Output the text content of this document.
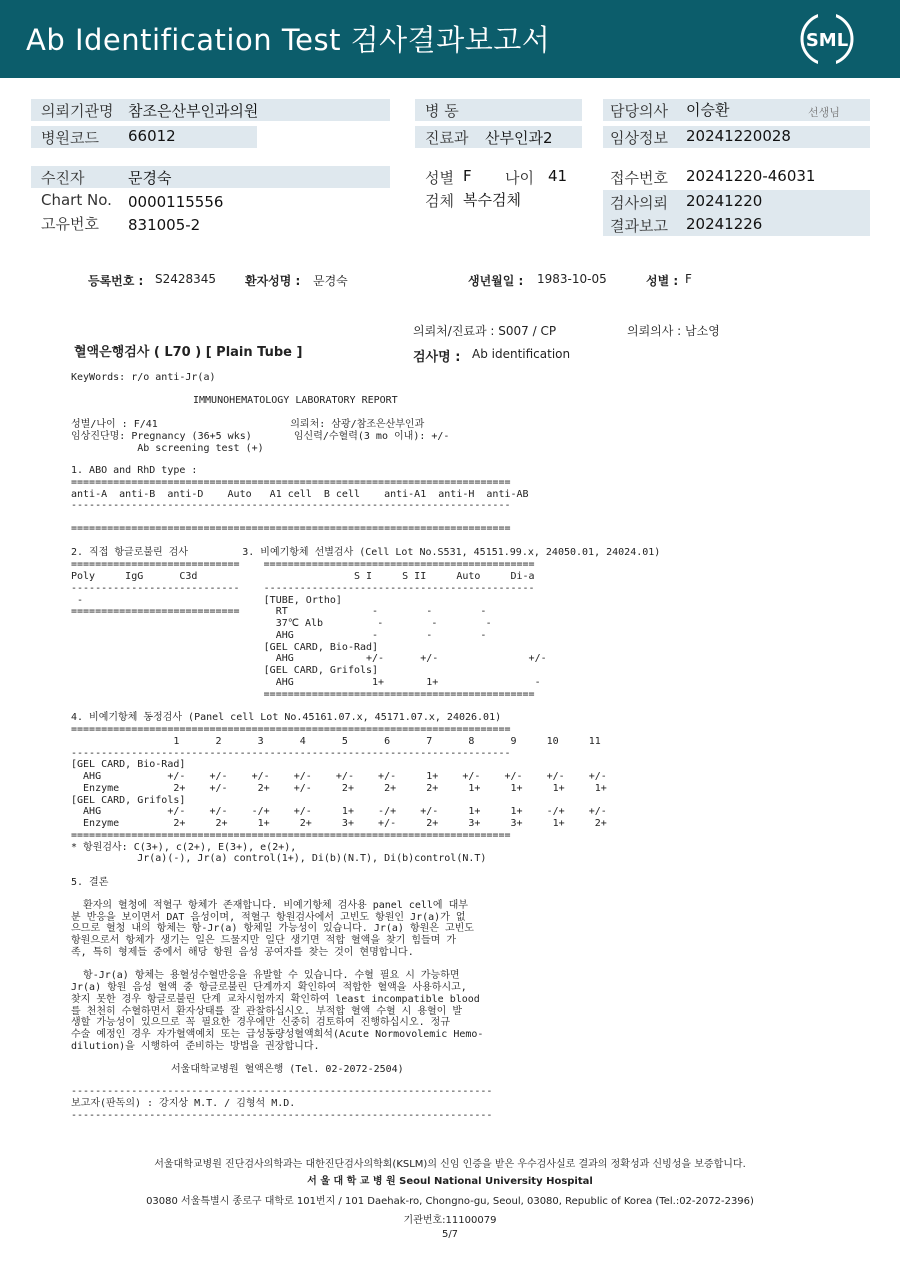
Ab Identification Test 검사결과보고서	SML
의뢰기관명 참조은산부인과의원
병원코드 66012
병 동
진료과 산부인과2
담당의사 이승환	선생님
임상정보 20241220028
수진자	문경숙
Chart No. 0000115556
고유번호 831005-2
성별 F 나이 41
검체 복수검체
접수번호 20241220-46031
검사의뢰 20241220
결과보고 20241226
등록번호 : S2428345 환자성명 : 문경숙	생년월일 : 1983-10-05	성별 : F
의뢰처/진료과 : S007 / CP	의뢰의사 : 남소영
혈액은행검사 ( L70 ) [ Plain Tube ]	검사명 : Ab identification
KeyWords: r/o anti-Jr(a)
IMMUNOHEMATOLOGY LABORATORY REPORT
성별/나이 : F/41                      의뢰처: 삼광/참조은산부인과
임상진단명: Pregnancy (36+5 wks)       임신력/수혈력(3 mo 이내): +/-
Ab screening test (+)
1. ABO and RhD type :
=========================================================================
anti-A  anti-B  anti-D    Auto   A1 cell  B cell    anti-A1  anti-H  anti-AB
-------------------------------------------------------------------------
=========================================================================
2. 직접 항글로불린 검사         3. 비예기항체 선별검사 (Cell Lot No.S531, 45151.99.x, 24050.01, 24024.01)
============================    =============================================
Poly     IgG      C3d                          S I     S II     Auto     Di-a
----------------------------    ---------------------------------------------
-                              [TUBE, Ortho]
============================      RT              -        -        -
37℃ Alb         -        -        -
AHG             -        -        -
[GEL CARD, Bio-Rad]
AHG            +/-      +/-               +/-
[GEL CARD, Grifols]
AHG             1+       1+                -
=============================================
4. 비예기항체 동정검사 (Panel cell Lot No.45161.07.x, 45171.07.x, 24026.01)
=========================================================================
1      2      3      4      5      6      7      8      9     10     11
-------------------------------------------------------------------------
[GEL CARD, Bio-Rad]
AHG           +/-    +/-    +/-    +/-    +/-    +/-     1+    +/-    +/-    +/-    +/-
Enzyme         2+    +/-     2+    +/-     2+     2+     2+     1+     1+     1+     1+
[GEL CARD, Grifols]
AHG           +/-    +/-    -/+    +/-     1+    -/+    +/-     1+     1+    -/+    +/-
Enzyme         2+     2+     1+     2+     3+    +/-     2+     3+     3+     1+     2+
=========================================================================
* 항원검사: C(3+), c(2+), E(3+), e(2+),
Jr(a)(-), Jr(a) control(1+), Di(b)(N.T), Di(b)control(N.T)
5. 결론
환자의 혈청에 적혈구 항체가 존재합니다. 비예기항체 검사용 panel cell에 대부
분 반응을 보이면서 DAT 음성이며, 적혈구 항원검사에서 고빈도 항원인 Jr(a)가 없
으므로 혈청 내의 항체는 항-Jr(a) 항체일 가능성이 있습니다. Jr(a) 항원은 고빈도
항원으로서 항체가 생기는 일은 드물지만 일단 생기면 적합 혈액을 찾기 힘들며 가
족, 특히 형제들 중에서 해당 항원 음성 공여자를 찾는 것이 현명합니다.
항-Jr(a) 항체는 용혈성수혈반응을 유발할 수 있습니다. 수혈 필요 시 가능하면
Jr(a) 항원 음성 혈액 중 항글로불린 단계까지 확인하여 적합한 혈액을 사용하시고,
찾지 못한 경우 항글로불린 단계 교차시험까지 확인하여 least incompatible blood
를 천천히 수혈하면서 환자상태를 잘 관찰하십시오. 부적합 혈액 수혈 시 용혈이 발
생할 가능성이 있으므로 꼭 필요한 경우에만 신중히 검토하여 진행하십시오. 정규
수술 예정인 경우 자가혈액예치 또는 급성동량성혈액희석(Acute Normovolemic Hemo-
dilution)을 시행하여 준비하는 방법을 권장합니다.
서울대학교병원 혈액은행 (Tel. 02-2072-2504)
----------------------------------------------------------------------
보고자(판독의) : 강지상 M.T. / 김형석 M.D.
----------------------------------------------------------------------
서울대학교병원 진단검사의학과는 대한진단검사의학회(KSLM)의 신임 인증을 받은 우수검사실로 결과의 정확성과 신빙성을 보증합니다.
서 울 대 학 교 병 원 Seoul National University Hospital
03080 서울특별시 종로구 대학로 101번지 / 101 Daehak-ro, Chongno-gu, Seoul, 03080, Republic of Korea (Tel.:02-2072-2396)
기관번호:11100079
5/7
